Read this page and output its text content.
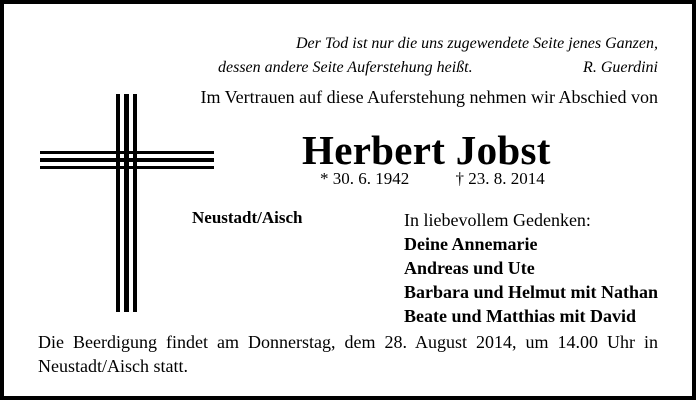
Der Tod ist nur die uns zugewendete Seite jenes Ganzen,
dessen andere Seite Auferstehung heißt.	R. Guerdini
Im Vertrauen auf diese Auferstehung nehmen wir Abschied von
Herbert Jobst
* 30. 6. 1942	† 23. 8. 2014
Neustadt/Aisch	In liebevollem Gedenken:
Deine Annemarie
Andreas und Ute
Barbara und Helmut mit Nathan
Beate und Matthias mit David
Die Beerdigung findet am Donnerstag, dem 28. August 2014, um 14.00 Uhr in Neustadt/Aisch statt.
